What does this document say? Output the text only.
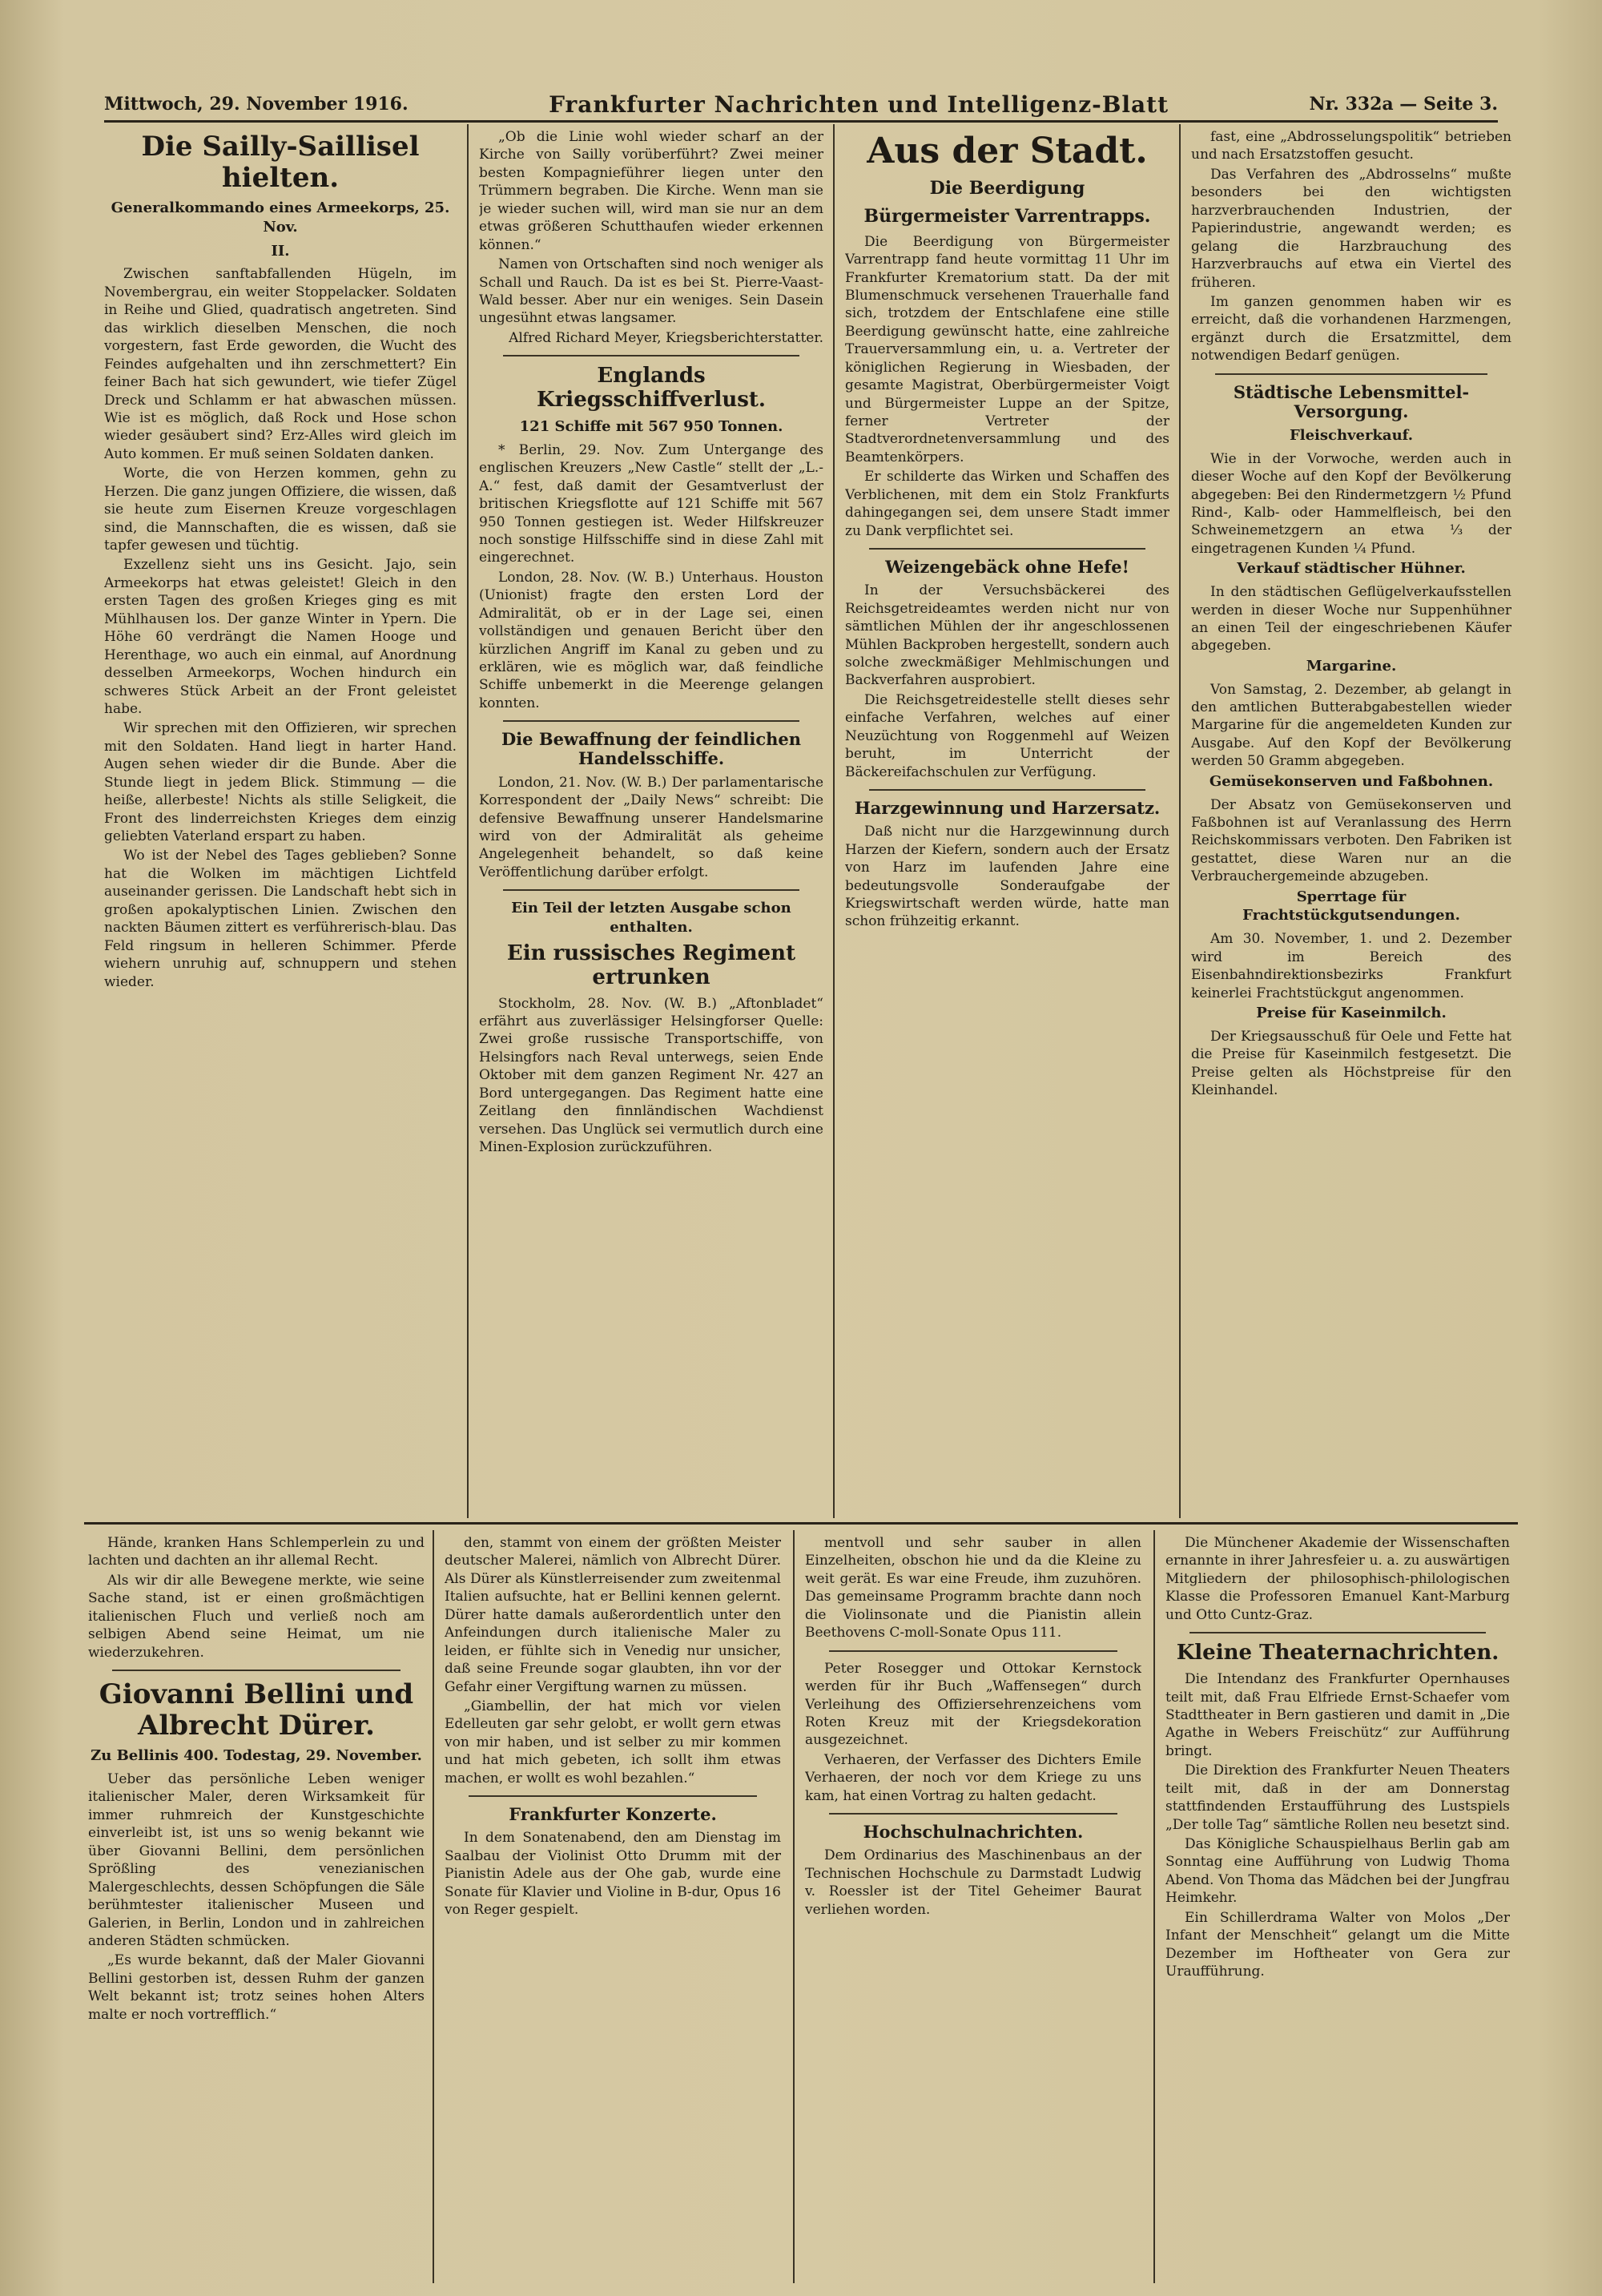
Mittwoch, 29. November 1916.	Frankfurter Nachrichten und Intelligenz-Blatt	Nr. 332a — Seite 3.
Die Sailly-Saillisel hielten.
Generalkommando eines Armeekorps, 25. Nov.
II.

Zwischen sanftabfallenden Hügeln, im Novembergrau, ein weiter Stoppelacker. Soldaten in Reihe und Glied, quadratisch angetreten. Sind das wirklich dieselben Menschen, die noch vorgestern, fast Erde geworden, die Wucht des Feindes aufgehalten und ihn zerschmettert? Ein feiner Bach hat sich gewundert, wie tiefer Zügel Dreck und Schlamm er hat abwaschen müssen. Wie ist es möglich, daß Rock und Hose schon wieder gesäubert sind? Erz-Alles wird gleich im Auto kommen. Er muß seinen Soldaten danken.

Worte, die von Herzen kommen, gehn zu Herzen. Die ganz jungen Offiziere, die wissen, daß sie heute zum Eisernen Kreuze vorgeschlagen sind, die Mannschaften, die es wissen, daß sie tapfer gewesen und tüchtig.

Exzellenz sieht uns ins Gesicht. Jajo, sein Armeekorps hat etwas geleistet! Gleich in den ersten Tagen des großen Krieges ging es mit Mühlhausen los. Der ganze Winter in Ypern. Die Höhe 60 verdrängt die Namen Hooge und Herenthage, wo auch ein einmal, auf Anordnung desselben Armeekorps, Wochen hindurch ein schweres Stück Arbeit an der Front geleistet habe.

Wir sprechen mit den Offizieren, wir sprechen mit den Soldaten. Hand liegt in harter Hand. Augen sehen wieder dir die Bunde. Aber die Stunde liegt in jedem Blick. Stimmung — die heiße, allerbeste! Nichts als stille Seligkeit, die Front des linderreichsten Krieges dem einzig geliebten Vaterland erspart zu haben.

Wo ist der Nebel des Tages geblieben? Sonne hat die Wolken im mächtigen Lichtfeld auseinander gerissen. Die Landschaft hebt sich in großen apokalyptischen Linien. Zwischen den nackten Bäumen zittert es verführerisch-blau. Das Feld ringsum in helleren Schimmer. Pferde wiehern unruhig auf, schnuppern und stehen wieder.

„Ob die Linie wohl wieder scharf an der Kirche von Sailly vorüberführt? Zwei meiner besten Kompagnieführer liegen unter den Trümmern begraben. Die Kirche. Wenn man sie je wieder suchen will, wird man sie nur an dem etwas größeren Schutthaufen wieder erkennen können.“

Namen von Ortschaften sind noch weniger als Schall und Rauch. Da ist es bei St. Pierre-Vaast-Wald besser. Aber nur ein weniges. Sein Dasein ungesühnt etwas langsamer.

Alfred Richard Meyer, Kriegsberichterstatter.

Englands Kriegsschiffverlust.
121 Schiffe mit 567 950 Tonnen.

* Berlin, 29. Nov. Zum Untergange des englischen Kreuzers „New Castle“ stellt der „L.-A.“ fest, daß damit der Gesamtverlust der britischen Kriegsflotte auf 121 Schiffe mit 567 950 Tonnen gestiegen ist. Weder Hilfskreuzer noch sonstige Hilfsschiffe sind in diese Zahl mit eingerechnet.

London, 28. Nov. (W. B.) Unterhaus. Houston (Unionist) fragte den ersten Lord der Admiralität, ob er in der Lage sei, einen vollständigen und genauen Bericht über den kürzlichen Angriff im Kanal zu geben und zu erklären, wie es möglich war, daß feindliche Schiffe unbemerkt in die Meerenge gelangen konnten.

Die Bewaffnung der feindlichen Handelsschiffe.

London, 21. Nov. (W. B.) Der parlamentarische Korrespondent der „Daily News“ schreibt: Die defensive Bewaffnung unserer Handelsmarine wird von der Admiralität als geheime Angelegenheit behandelt, so daß keine Veröffentlichung darüber erfolgt.

Ein Teil der letzten Ausgabe schon enthalten.
Ein russisches Regiment ertrunken

Stockholm, 28. Nov. (W. B.) „Aftonbladet“ erfährt aus zuverlässiger Helsingforser Quelle: Zwei große russische Transportschiffe, von Helsingfors nach Reval unterwegs, seien Ende Oktober mit dem ganzen Regiment Nr. 427 an Bord untergegangen. Das Regiment hatte eine Zeitlang den finnländischen Wachdienst versehen. Das Unglück sei vermutlich durch eine Minen-Explosion zurückzuführen.

Aus der Stadt.
Die Beerdigung
Bürgermeister Varrentrapps.

Die Beerdigung von Bürgermeister Varrentrapp fand heute vormittag 11 Uhr im Frankfurter Krematorium statt. Da der mit Blumenschmuck versehenen Trauerhalle fand sich, trotzdem der Entschlafene eine stille Beerdigung gewünscht hatte, eine zahlreiche Trauerversammlung ein, u. a. Vertreter der königlichen Regierung in Wiesbaden, der gesamte Magistrat, Oberbürgermeister Voigt und Bürgermeister Luppe an der Spitze, ferner Vertreter der Stadtverordnetenversammlung und des Beamtenkörpers.

Er schilderte das Wirken und Schaffen des Verblichenen, mit dem ein Stolz Frankfurts dahingegangen sei, dem unsere Stadt immer zu Dank verpflichtet sei.

Weizengebäck ohne Hefe!

In der Versuchsbäckerei des Reichsgetreideamtes werden nicht nur von sämtlichen Mühlen der ihr angeschlossenen Mühlen Backproben hergestellt, sondern auch solche zweckmäßiger Mehlmischungen und Backverfahren ausprobiert.

Die Reichsgetreidestelle stellt dieses sehr einfache Verfahren, welches auf einer Neuzüchtung von Roggenmehl auf Weizen beruht, im Unterricht der Bäckereifachschulen zur Verfügung.

Harzgewinnung und Harzersatz.

Daß nicht nur die Harzgewinnung durch Harzen der Kiefern, sondern auch der Ersatz von Harz im laufenden Jahre eine bedeutungsvolle Sonderaufgabe der Kriegswirtschaft werden würde, hatte man schon frühzeitig erkannt.

fast, eine „Abdrosselungspolitik“ betrieben und nach Ersatzstoffen gesucht.

Das Verfahren des „Abdrosselns“ mußte besonders bei den wichtigsten harzverbrauchenden Industrien, der Papierindustrie, angewandt werden; es gelang die Harzbrauchung des Harzverbrauchs auf etwa ein Viertel des früheren.

Im ganzen genommen haben wir es erreicht, daß die vorhandenen Harzmengen, ergänzt durch die Ersatzmittel, dem notwendigen Bedarf genügen.

Städtische Lebensmittel-Versorgung.
Fleischverkauf.

Wie in der Vorwoche, werden auch in dieser Woche auf den Kopf der Bevölkerung abgegeben: Bei den Rindermetzgern ½ Pfund Rind-, Kalb- oder Hammelfleisch, bei den Schweinemetzgern an etwa ⅓ der eingetragenen Kunden ¼ Pfund.

Verkauf städtischer Hühner.

In den städtischen Geflügelverkaufsstellen werden in dieser Woche nur Suppenhühner an einen Teil der eingeschriebenen Käufer abgegeben.

Margarine.

Von Samstag, 2. Dezember, ab gelangt in den amtlichen Butterabgabestellen wieder Margarine für die angemeldeten Kunden zur Ausgabe. Auf den Kopf der Bevölkerung werden 50 Gramm abgegeben.

Gemüsekonserven und Faßbohnen.

Der Absatz von Gemüsekonserven und Faßbohnen ist auf Veranlassung des Herrn Reichskommissars verboten. Den Fabriken ist gestattet, diese Waren nur an die Verbrauchergemeinde abzugeben.

Sperrtage für Frachtstückgutsendungen.

Am 30. November, 1. und 2. Dezember wird im Bereich des Eisenbahndirektionsbezirks Frankfurt keinerlei Frachtstückgut angenommen.

Preise für Kaseinmilch.

Der Kriegsausschuß für Oele und Fette hat die Preise für Kaseinmilch festgesetzt. Die Preise gelten als Höchstpreise für den Kleinhandel.

Hände, kranken Hans Schlemperlein zu und lachten und dachten an ihr allemal Recht.

Als wir dir alle Bewegene merkte, wie seine Sache stand, ist er einen großmächtigen italienischen Fluch und verließ noch am selbigen Abend seine Heimat, um nie wiederzukehren.

Giovanni Bellini und Albrecht Dürer.
Zu Bellinis 400. Todestag, 29. November.

Ueber das persönliche Leben weniger italienischer Maler, deren Wirksamkeit für immer ruhmreich der Kunstgeschichte einverleibt ist, ist uns so wenig bekannt wie über Giovanni Bellini, dem persönlichen Sprößling des venezianischen Malergeschlechts, dessen Schöpfungen die Säle berühmtester italienischer Museen und Galerien, in Berlin, London und in zahlreichen anderen Städten schmücken.

„Es wurde bekannt, daß der Maler Giovanni Bellini gestorben ist, dessen Ruhm der ganzen Welt bekannt ist; trotz seines hohen Alters malte er noch vortrefflich.“

den, stammt von einem der größten Meister deutscher Malerei, nämlich von Albrecht Dürer. Als Dürer als Künstlerreisender zum zweitenmal Italien aufsuchte, hat er Bellini kennen gelernt. Dürer hatte damals außerordentlich unter den Anfeindungen durch italienische Maler zu leiden, er fühlte sich in Venedig nur unsicher, daß seine Freunde sogar glaubten, ihn vor der Gefahr einer Vergiftung warnen zu müssen.

„Giambellin, der hat mich vor vielen Edelleuten gar sehr gelobt, er wollt gern etwas von mir haben, und ist selber zu mir kommen und hat mich gebeten, ich sollt ihm etwas machen, er wollt es wohl bezahlen.“

Frankfurter Konzerte.

In dem Sonatenabend, den am Dienstag im Saalbau der Violinist Otto Drumm mit der Pianistin Adele aus der Ohe gab, wurde eine Sonate für Klavier und Violine in B-dur, Opus 16 von Reger gespielt.

mentvoll und sehr sauber in allen Einzelheiten, obschon hie und da die Kleine zu weit gerät. Es war eine Freude, ihm zuzuhören. Das gemeinsame Programm brachte dann noch die Violinsonate und die Pianistin allein Beethovens C-moll-Sonate Opus 111.

Peter Rosegger und Ottokar Kernstock werden für ihr Buch „Waffensegen“ durch Verleihung des Offiziersehrenzeichens vom Roten Kreuz mit der Kriegsdekoration ausgezeichnet.

Verhaeren, der Verfasser des Dichters Emile Verhaeren, der noch vor dem Kriege zu uns kam, hat einen Vortrag zu halten gedacht.

Hochschulnachrichten.

Dem Ordinarius des Maschinenbaus an der Technischen Hochschule zu Darmstadt Ludwig v. Roessler ist der Titel Geheimer Baurat verliehen worden.

Die Münchener Akademie der Wissenschaften ernannte in ihrer Jahresfeier u. a. zu auswärtigen Mitgliedern der philosophisch-philologischen Klasse die Professoren Emanuel Kant-Marburg und Otto Cuntz-Graz.

Kleine Theaternachrichten.

Die Intendanz des Frankfurter Opernhauses teilt mit, daß Frau Elfriede Ernst-Schaefer vom Stadttheater in Bern gastieren und damit in „Die Agathe in Webers Freischütz“ zur Aufführung bringt.

Die Direktion des Frankfurter Neuen Theaters teilt mit, daß in der am Donnerstag stattfindenden Erstaufführung des Lustspiels „Der tolle Tag“ sämtliche Rollen neu besetzt sind.

Das Königliche Schauspielhaus Berlin gab am Sonntag eine Aufführung von Ludwig Thoma Abend. Von Thoma das Mädchen bei der Jungfrau Heimkehr.

Ein Schillerdrama Walter von Molos „Der Infant der Menschheit“ gelangt um die Mitte Dezember im Hoftheater von Gera zur Uraufführung.
